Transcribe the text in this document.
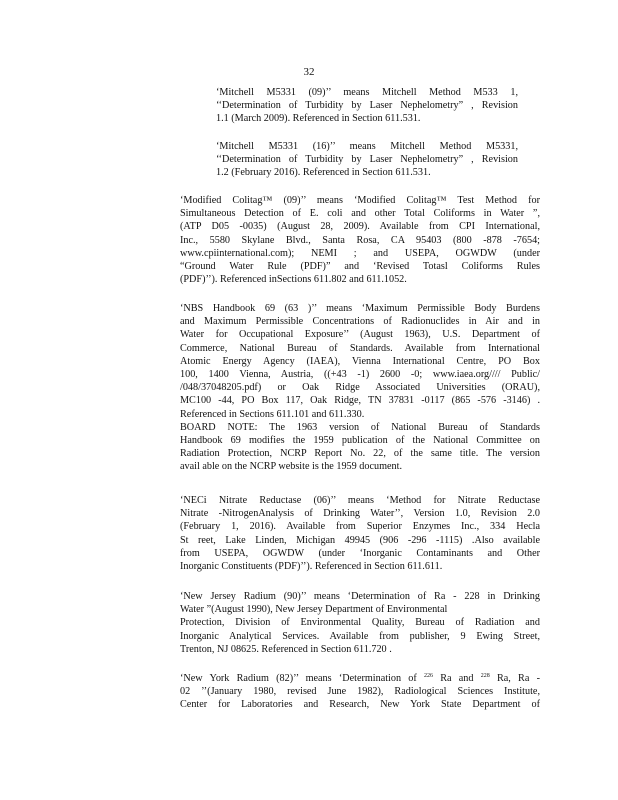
32
‘Mitchell M5331 (09)’’ means Mitchell Method M533 1,
‘‘Determination of Turbidity by Laser Nephelometry” , Revision
1.1 (March 2009). Referenced in Section 611.531.
‘Mitchell M5331 (16)’’ means Mitchell Method M5331,
‘‘Determination of Turbidity by Laser Nephelometry” , Revision
1.2 (February 2016). Referenced in Section 611.531.
‘Modified Colitag™ (09)’’ means ‘Modified Colitag™ Test Method for
Simultaneous Detection of E. coli and other Total Coliforms in Water ”,
(ATP D05 -0035) (August 28, 2009). Available from CPI International,
Inc., 5580 Skylane Blvd., Santa Rosa, CA 95403 (800 -878 -7654;
www.cpiinternational.com); NEMI ; and USEPA, OGWDW (under
“Ground Water Rule (PDF)” and ‘Revised Totasl Coliforms Rules
(PDF)’’). Referenced inSections 611.802 and 611.1052.
‘NBS Handbook 69 (63 )’’ means ‘Maximum Permissible Body Burdens
and Maximum Permissible Concentrations of Radionuclides in Air and in
Water for Occupational Exposure’’ (August 1963), U.S. Department of
Commerce, National Bureau of Standards. Available from International
Atomic Energy Agency (IAEA), Vienna International Centre, PO Box
100, 1400 Vienna, Austria, ((+43 -1) 2600 -0; www.iaea.org//// Public/
/048/37048205.pdf) or Oak Ridge Associated Universities (ORAU),
MC100 -44, PO Box 117, Oak Ridge, TN 37831 -0117 (865 -576 -3146) .
Referenced in Sections 611.101 and 611.330.
BOARD NOTE: The 1963 version of National Bureau of Standards
Handbook 69 modifies the 1959 publication of the National Committee on
Radiation Protection, NCRP Report No. 22, of the same title. The version
avail able on the NCRP website is the 1959 document.
‘NECi Nitrate Reductase (06)’’ means ‘Method for Nitrate Reductase
Nitrate -NitrogenAnalysis of Drinking Water’’, Version 1.0, Revision 2.0
(February 1, 2016). Available from Superior Enzymes Inc., 334 Hecla
St reet, Lake Linden, Michigan 49945 (906 -296 -1115) .Also available
from USEPA, OGWDW (under ‘Inorganic Contaminants and Other
Inorganic Constituents (PDF)’’). Referenced in Section 611.611.
‘New Jersey Radium (90)’’ means ‘Determination of Ra - 228 in Drinking
Water ”(August 1990), New Jersey Department of Environmental
Protection, Division of Environmental Quality, Bureau of Radiation and
Inorganic Analytical Services. Available from publisher, 9 Ewing Street,
Trenton, NJ 08625. Referenced in Section 611.720 .
‘New York Radium (82)’’ means ‘Determination of $^{226}$ Ra and $^{228}$ Ra, Ra -
02 ’’(January 1980, revised June 1982), Radiological Sciences Institute,
Center for Laboratories and Research, New York State Department of
